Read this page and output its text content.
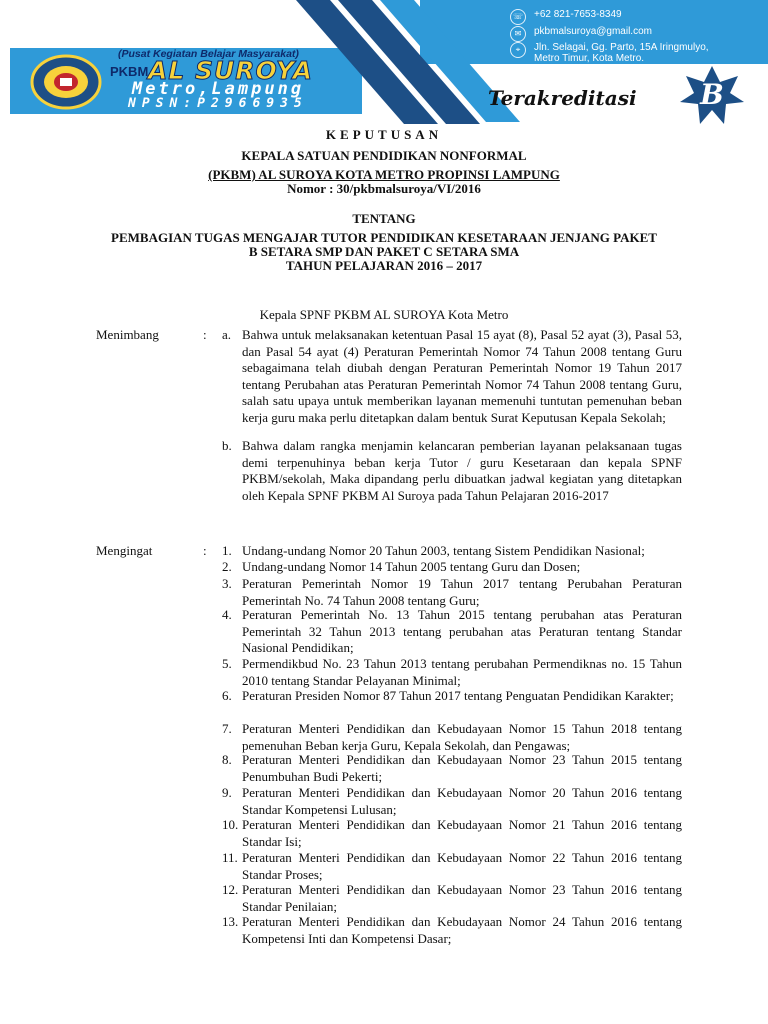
(Pusat Kegiatan Belajar Masyarakat)
PKBM AL SUROYA
Metro,Lampung
NPSN:P2966935
☏	+62 821-7653-8349
✉	pkbmalsuroya@gmail.com
⌖	Jln. Selagai, Gg. Parto, 15A Iringmulyo,
Metro Timur, Kota Metro.
Terakreditasi	B
KEPUTUSAN
KEPALA SATUAN PENDIDIKAN NONFORMAL
(PKBM) AL SUROYA KOTA METRO PROPINSI LAMPUNG
Nomor : 30/pkbmalsuroya/VI/2016
TENTANG
PEMBAGIAN TUGAS MENGAJAR TUTOR PENDIDIKAN KESETARAAN JENJANG PAKET
B SETARA SMP DAN PAKET C SETARA SMA
TAHUN PELAJARAN 2016 – 2017
Kepala SPNF PKBM AL SUROYA Kota Metro
Menimbang	: a. Bahwa untuk melaksanakan ketentuan Pasal 15 ayat (8), Pasal 52 ayat (3), Pasal 53, dan Pasal 54 ayat (4) Peraturan Pemerintah Nomor 74 Tahun 2008 tentang Guru sebagaimana telah diubah dengan Peraturan Pemerintah Nomor 19 Tahun 2017 tentang Perubahan atas Peraturan Pemerintah Nomor 74 Tahun 2008 tentang Guru, salah satu upaya untuk memberikan layanan memenuhi tuntutan pemenuhan beban kerja guru maka perlu ditetapkan dalam bentuk Surat Keputusan Kepala Sekolah;
b. Bahwa dalam rangka menjamin kelancaran pemberian layanan pelaksanaan tugas demi terpenuhinya beban kerja Tutor / guru Kesetaraan dan kepala SPNF PKBM/sekolah, Maka dipandang perlu dibuatkan jadwal kegiatan yang ditetapkan oleh Kepala SPNF PKBM Al Suroya pada Tahun Pelajaran 2016-2017
Mengingat	: 1. Undang-undang Nomor 20 Tahun 2003, tentang Sistem Pendidikan Nasional;
2. Undang-undang Nomor 14 Tahun 2005 tentang Guru dan Dosen;
3. Peraturan Pemerintah Nomor 19 Tahun 2017 tentang Perubahan Peraturan Pemerintah No. 74 Tahun 2008 tentang Guru;
4. Peraturan Pemerintah No. 13 Tahun 2015 tentang perubahan atas Peraturan Pemerintah 32 Tahun 2013 tentang perubahan atas Peraturan tentang Standar Nasional Pendidikan;
5. Permendikbud No. 23 Tahun 2013 tentang perubahan Permendiknas no. 15 Tahun 2010 tentang Standar Pelayanan Minimal;
6. Peraturan Presiden Nomor 87 Tahun 2017 tentang Penguatan Pendidikan Karakter;
7. Peraturan Menteri Pendidikan dan Kebudayaan Nomor 15 Tahun 2018 tentang pemenuhan Beban kerja Guru, Kepala Sekolah, dan Pengawas;
8. Peraturan Menteri Pendidikan dan Kebudayaan Nomor 23 Tahun 2015 tentang Penumbuhan Budi Pekerti;
9. Peraturan Menteri Pendidikan dan Kebudayaan Nomor 20 Tahun 2016 tentang Standar Kompetensi Lulusan;
10. Peraturan Menteri Pendidikan dan Kebudayaan Nomor 21 Tahun 2016 tentang Standar Isi;
11. Peraturan Menteri Pendidikan dan Kebudayaan Nomor 22 Tahun 2016 tentang Standar Proses;
12. Peraturan Menteri Pendidikan dan Kebudayaan Nomor 23 Tahun 2016 tentang Standar Penilaian;
13. Peraturan Menteri Pendidikan dan Kebudayaan Nomor 24 Tahun 2016 tentang Kompetensi Inti dan Kompetensi Dasar;
